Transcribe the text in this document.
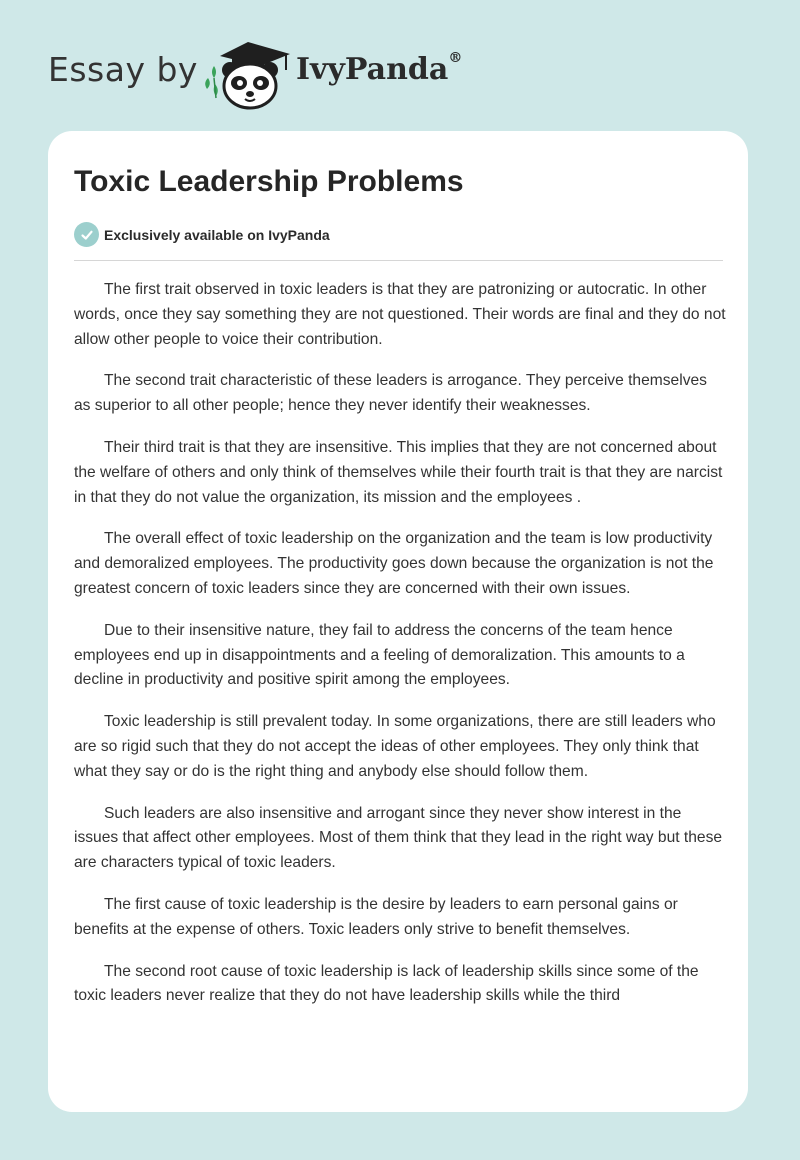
Essay by	IvyPanda®
Toxic Leadership Problems
Exclusively available on IvyPanda

The first trait observed in toxic leaders is that they are patronizing or autocratic. In other words, once they say something they are not questioned. Their words are final and they do not allow other people to voice their contribution.

The second trait characteristic of these leaders is arrogance. They perceive themselves as superior to all other people; hence they never identify their weaknesses.

Their third trait is that they are insensitive. This implies that they are not concerned about the welfare of others and only think of themselves while their fourth trait is that they are narcist in that they do not value the organization, its mission and the employees .

The overall effect of toxic leadership on the organization and the team is low productivity and demoralized employees. The productivity goes down because the organization is not the greatest concern of toxic leaders since they are concerned with their own issues.

Due to their insensitive nature, they fail to address the concerns of the team hence employees end up in disappointments and a feeling of demoralization. This amounts to a decline in productivity and positive spirit among the employees.

Toxic leadership is still prevalent today. In some organizations, there are still leaders who are so rigid such that they do not accept the ideas of other employees. They only think that what they say or do is the right thing and anybody else should follow them.

Such leaders are also insensitive and arrogant since they never show interest in the issues that affect other employees. Most of them think that they lead in the right way but these are characters typical of toxic leaders.

The first cause of toxic leadership is the desire by leaders to earn personal gains or benefits at the expense of others. Toxic leaders only strive to benefit themselves.

The second root cause of toxic leadership is lack of leadership skills since some of the toxic leaders never realize that they do not have leadership skills while the third
